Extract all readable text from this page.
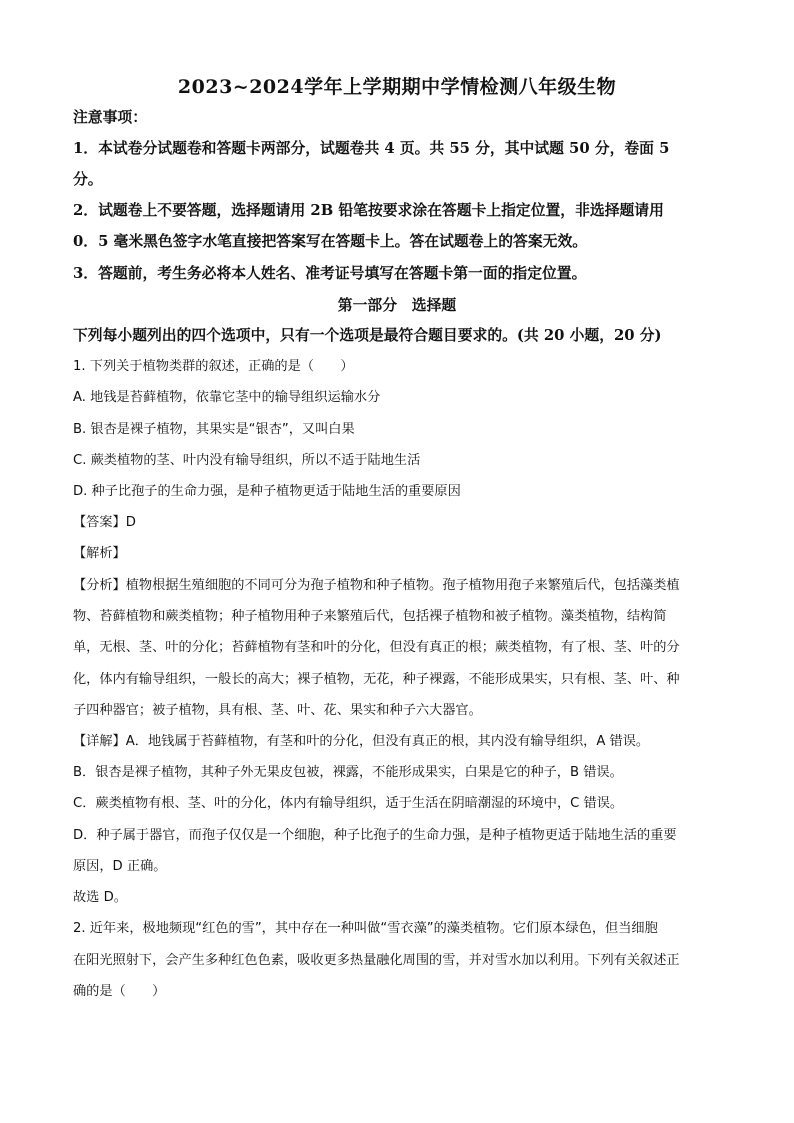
2023~2024学年上学期期中学情检测八年级生物
注意事项：
1．本试卷分试题卷和答题卡两部分，试题卷共 4 页。共 55 分，其中试题 50 分，卷面 5
分。
2．试题卷上不要答题，选择题请用 2B 铅笔按要求涂在答题卡上指定位置，非选择题请用
0．5 毫米黑色签字水笔直接把答案写在答题卡上。答在试题卷上的答案无效。
3．答题前，考生务必将本人姓名、准考证号填写在答题卡第一面的指定位置。
第一部分　选择题
下列每小题列出的四个选项中，只有一个选项是最符合题目要求的。(共 20 小题，20 分)
1. 下列关于植物类群的叙述，正确的是（　　）
A. 地钱是苔藓植物，依靠它茎中的输导组织运输水分
B. 银杏是裸子植物，其果实是“银杏”，又叫白果
C. 蕨类植物的茎、叶内没有输导组织，所以不适于陆地生活
D. 种子比孢子的生命力强，是种子植物更适于陆地生活的重要原因
【答案】D
【解析】
【分析】植物根据生殖细胞的不同可分为孢子植物和种子植物。孢子植物用孢子来繁殖后代，包括藻类植
物、苔藓植物和蕨类植物；种子植物用种子来繁殖后代，包括裸子植物和被子植物。藻类植物，结构简
单，无根、茎、叶的分化；苔藓植物有茎和叶的分化，但没有真正的根；蕨类植物，有了根、茎、叶的分
化，体内有输导组织，一般长的高大；裸子植物，无花，种子裸露，不能形成果实，只有根、茎、叶、种
子四种器官；被子植物，具有根、茎、叶、花、果实和种子六大器官。
【详解】A．地钱属于苔藓植物，有茎和叶的分化，但没有真正的根，其内没有输导组织，A 错误。
B．银杏是裸子植物，其种子外无果皮包被，裸露，不能形成果实，白果是它的种子，B 错误。
C．蕨类植物有根、茎、叶的分化，体内有输导组织，适于生活在阴暗潮湿的环境中，C 错误。
D．种子属于器官，而孢子仅仅是一个细胞，种子比孢子的生命力强，是种子植物更适于陆地生活的重要
原因，D 正确。
故选 D。
2. 近年来，极地频现“红色的雪”，其中存在一种叫做“雪衣藻”的藻类植物。它们原本绿色，但当细胞
在阳光照射下，会产生多种红色色素，吸收更多热量融化周围的雪，并对雪水加以利用。下列有关叙述正
确的是（　　）
